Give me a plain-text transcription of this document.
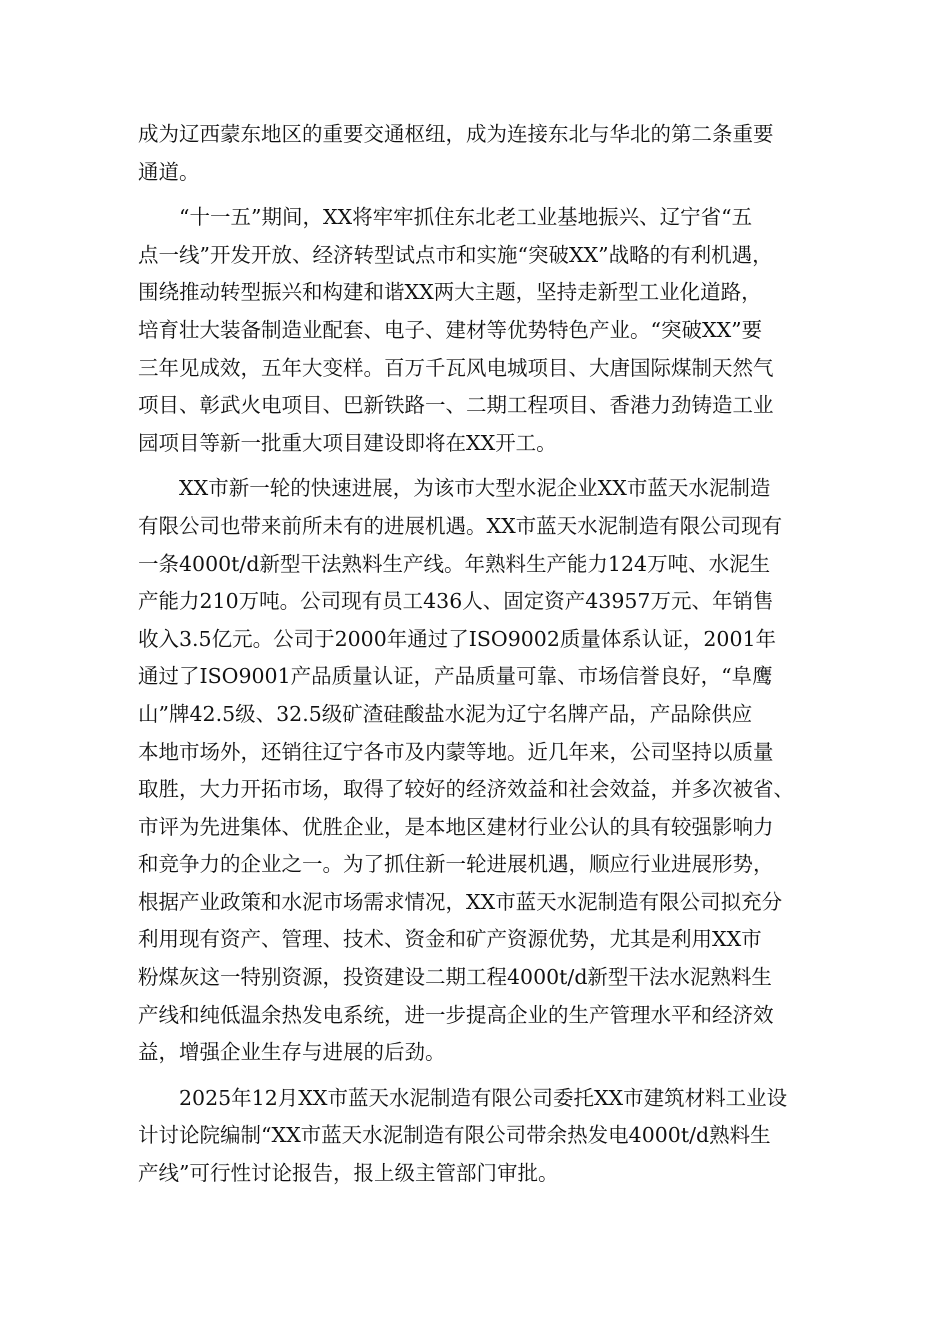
成为辽西蒙东地区的重要交通枢纽，成为连接东北与华北的第二条重要
通道。
“十一五”期间，XX将牢牢抓住东北老工业基地振兴、辽宁省“五
点一线”开发开放、经济转型试点市和实施“突破XX”战略的有利机遇，
围绕推动转型振兴和构建和谐XX两大主题，坚持走新型工业化道路，
培育壮大装备制造业配套、电子、建材等优势特色产业。“突破XX”要
三年见成效，五年大变样。百万千瓦风电城项目、大唐国际煤制天然气
项目、彰武火电项目、巴新铁路一、二期工程项目、香港力劲铸造工业
园项目等新一批重大项目建设即将在XX开工。
XX市新一轮的快速进展，为该市大型水泥企业XX市蓝天水泥制造
有限公司也带来前所未有的进展机遇。XX市蓝天水泥制造有限公司现有
一条4000t/d新型干法熟料生产线。年熟料生产能力124万吨、水泥生
产能力210万吨。公司现有员工436人、固定资产43957万元、年销售
收入3.5亿元。公司于2000年通过了ISO9002质量体系认证，2001年
通过了ISO9001产品质量认证，产品质量可靠、市场信誉良好，“阜鹰
山”牌42.5级、32.5级矿渣硅酸盐水泥为辽宁名牌产品，产品除供应
本地市场外，还销往辽宁各市及内蒙等地。近几年来，公司坚持以质量
取胜，大力开拓市场，取得了较好的经济效益和社会效益，并多次被省、
市评为先进集体、优胜企业，是本地区建材行业公认的具有较强影响力
和竞争力的企业之一。为了抓住新一轮进展机遇，顺应行业进展形势，
根据产业政策和水泥市场需求情况，XX市蓝天水泥制造有限公司拟充分
利用现有资产、管理、技术、资金和矿产资源优势，尤其是利用XX市
粉煤灰这一特别资源，投资建设二期工程4000t/d新型干法水泥熟料生
产线和纯低温余热发电系统，进一步提高企业的生产管理水平和经济效
益，增强企业生存与进展的后劲。
2025年12月XX市蓝天水泥制造有限公司委托XX市建筑材料工业设
计讨论院编制“XX市蓝天水泥制造有限公司带余热发电4000t/d熟料生
产线”可行性讨论报告，报上级主管部门审批。
